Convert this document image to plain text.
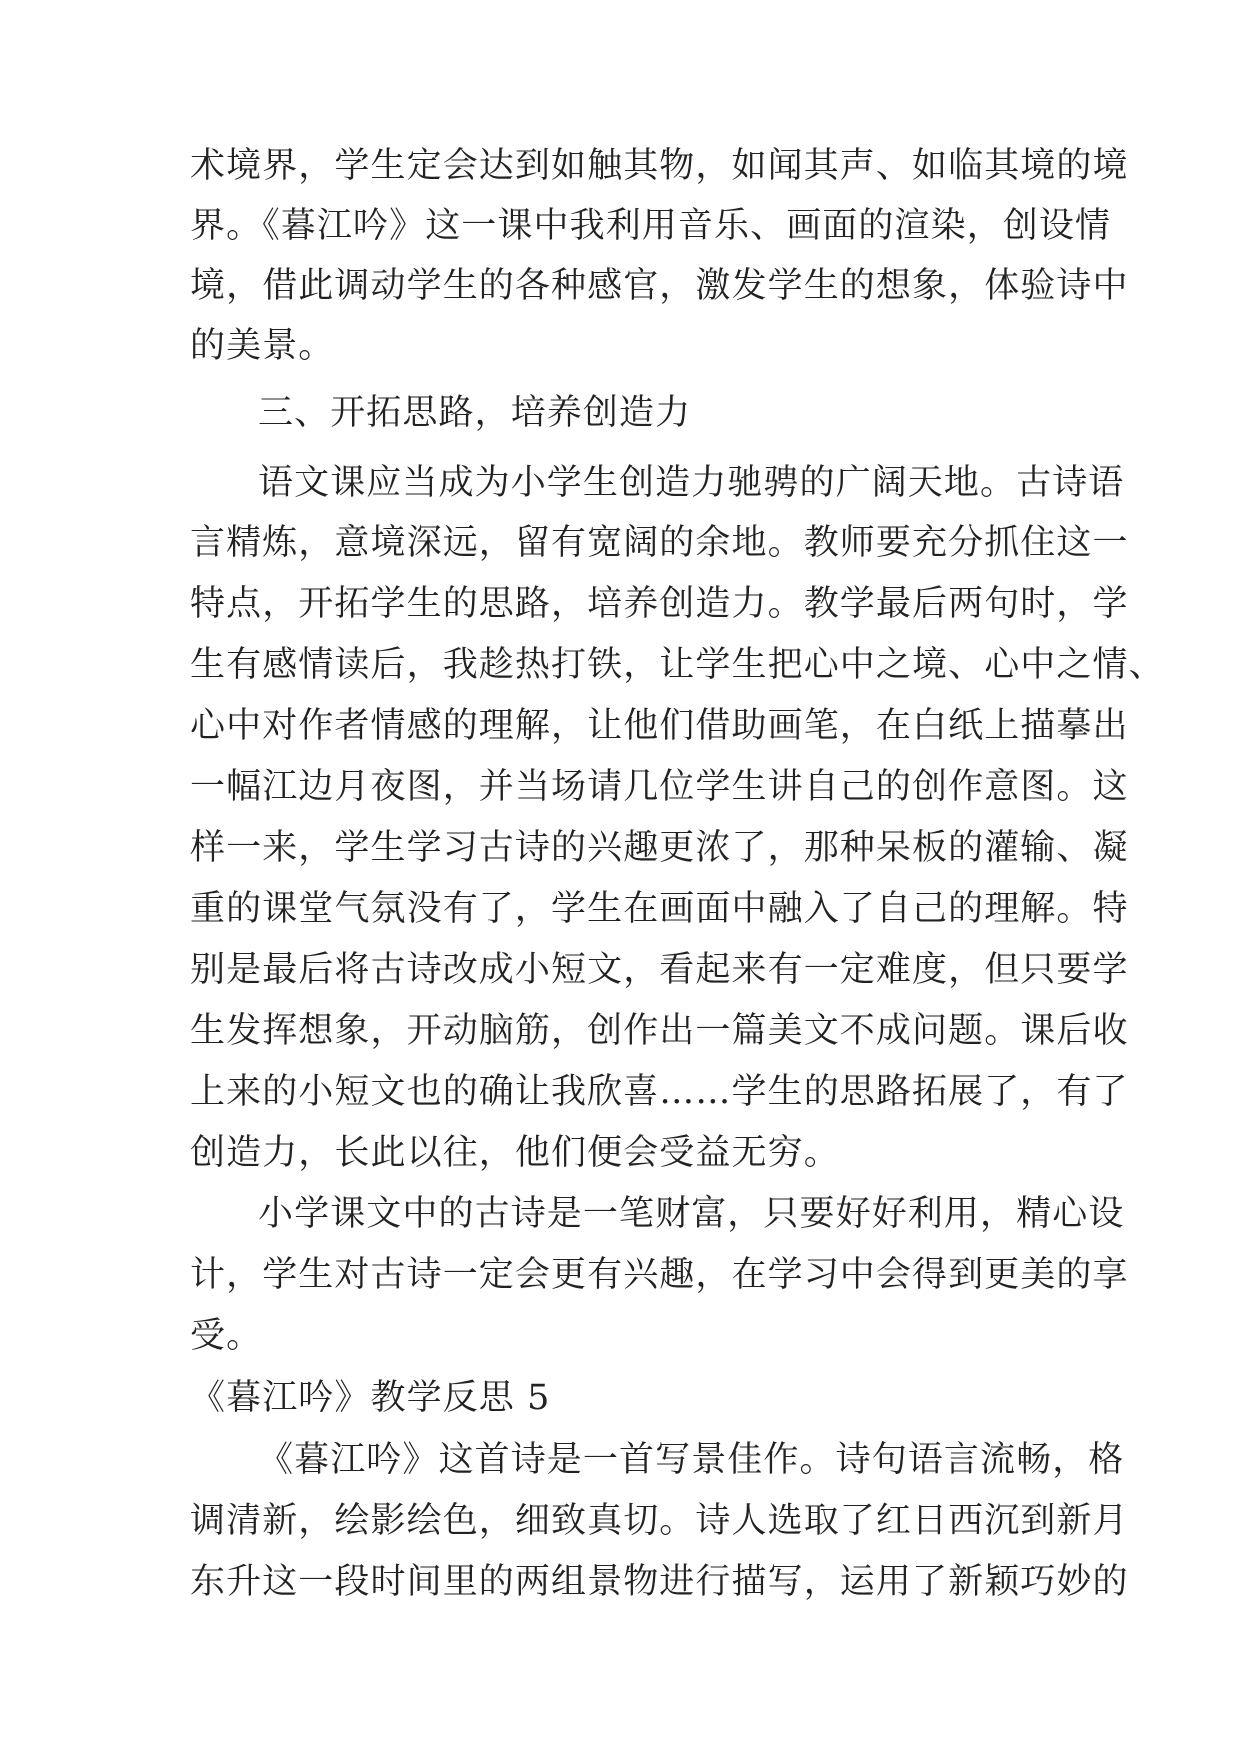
术境界，学生定会达到如触其物，如闻其声、如临其境的境
界。《暮江吟》这一课中我利用音乐、画面的渲染，创设情
境，借此调动学生的各种感官，激发学生的想象，体验诗中
的美景。
三、开拓思路，培养创造力
语文课应当成为小学生创造力驰骋的广阔天地。古诗语
言精炼，意境深远，留有宽阔的余地。教师要充分抓住这一
特点，开拓学生的思路，培养创造力。教学最后两句时，学
生有感情读后，我趁热打铁，让学生把心中之境、心中之情、
心中对作者情感的理解，让他们借助画笔，在白纸上描摹出
一幅江边月夜图，并当场请几位学生讲自己的创作意图。这
样一来，学生学习古诗的兴趣更浓了，那种呆板的灌输、凝
重的课堂气氛没有了，学生在画面中融入了自己的理解。特
别是最后将古诗改成小短文，看起来有一定难度，但只要学
生发挥想象，开动脑筋，创作出一篇美文不成问题。课后收
上来的小短文也的确让我欣喜……学生的思路拓展了，有了
创造力，长此以往，他们便会受益无穷。
小学课文中的古诗是一笔财富，只要好好利用，精心设
计，学生对古诗一定会更有兴趣，在学习中会得到更美的享
受。
《暮江吟》教学反思 5
《暮江吟》这首诗是一首写景佳作。诗句语言流畅，格
调清新，绘影绘色，细致真切。诗人选取了红日西沉到新月
东升这一段时间里的两组景物进行描写，运用了新颖巧妙的
